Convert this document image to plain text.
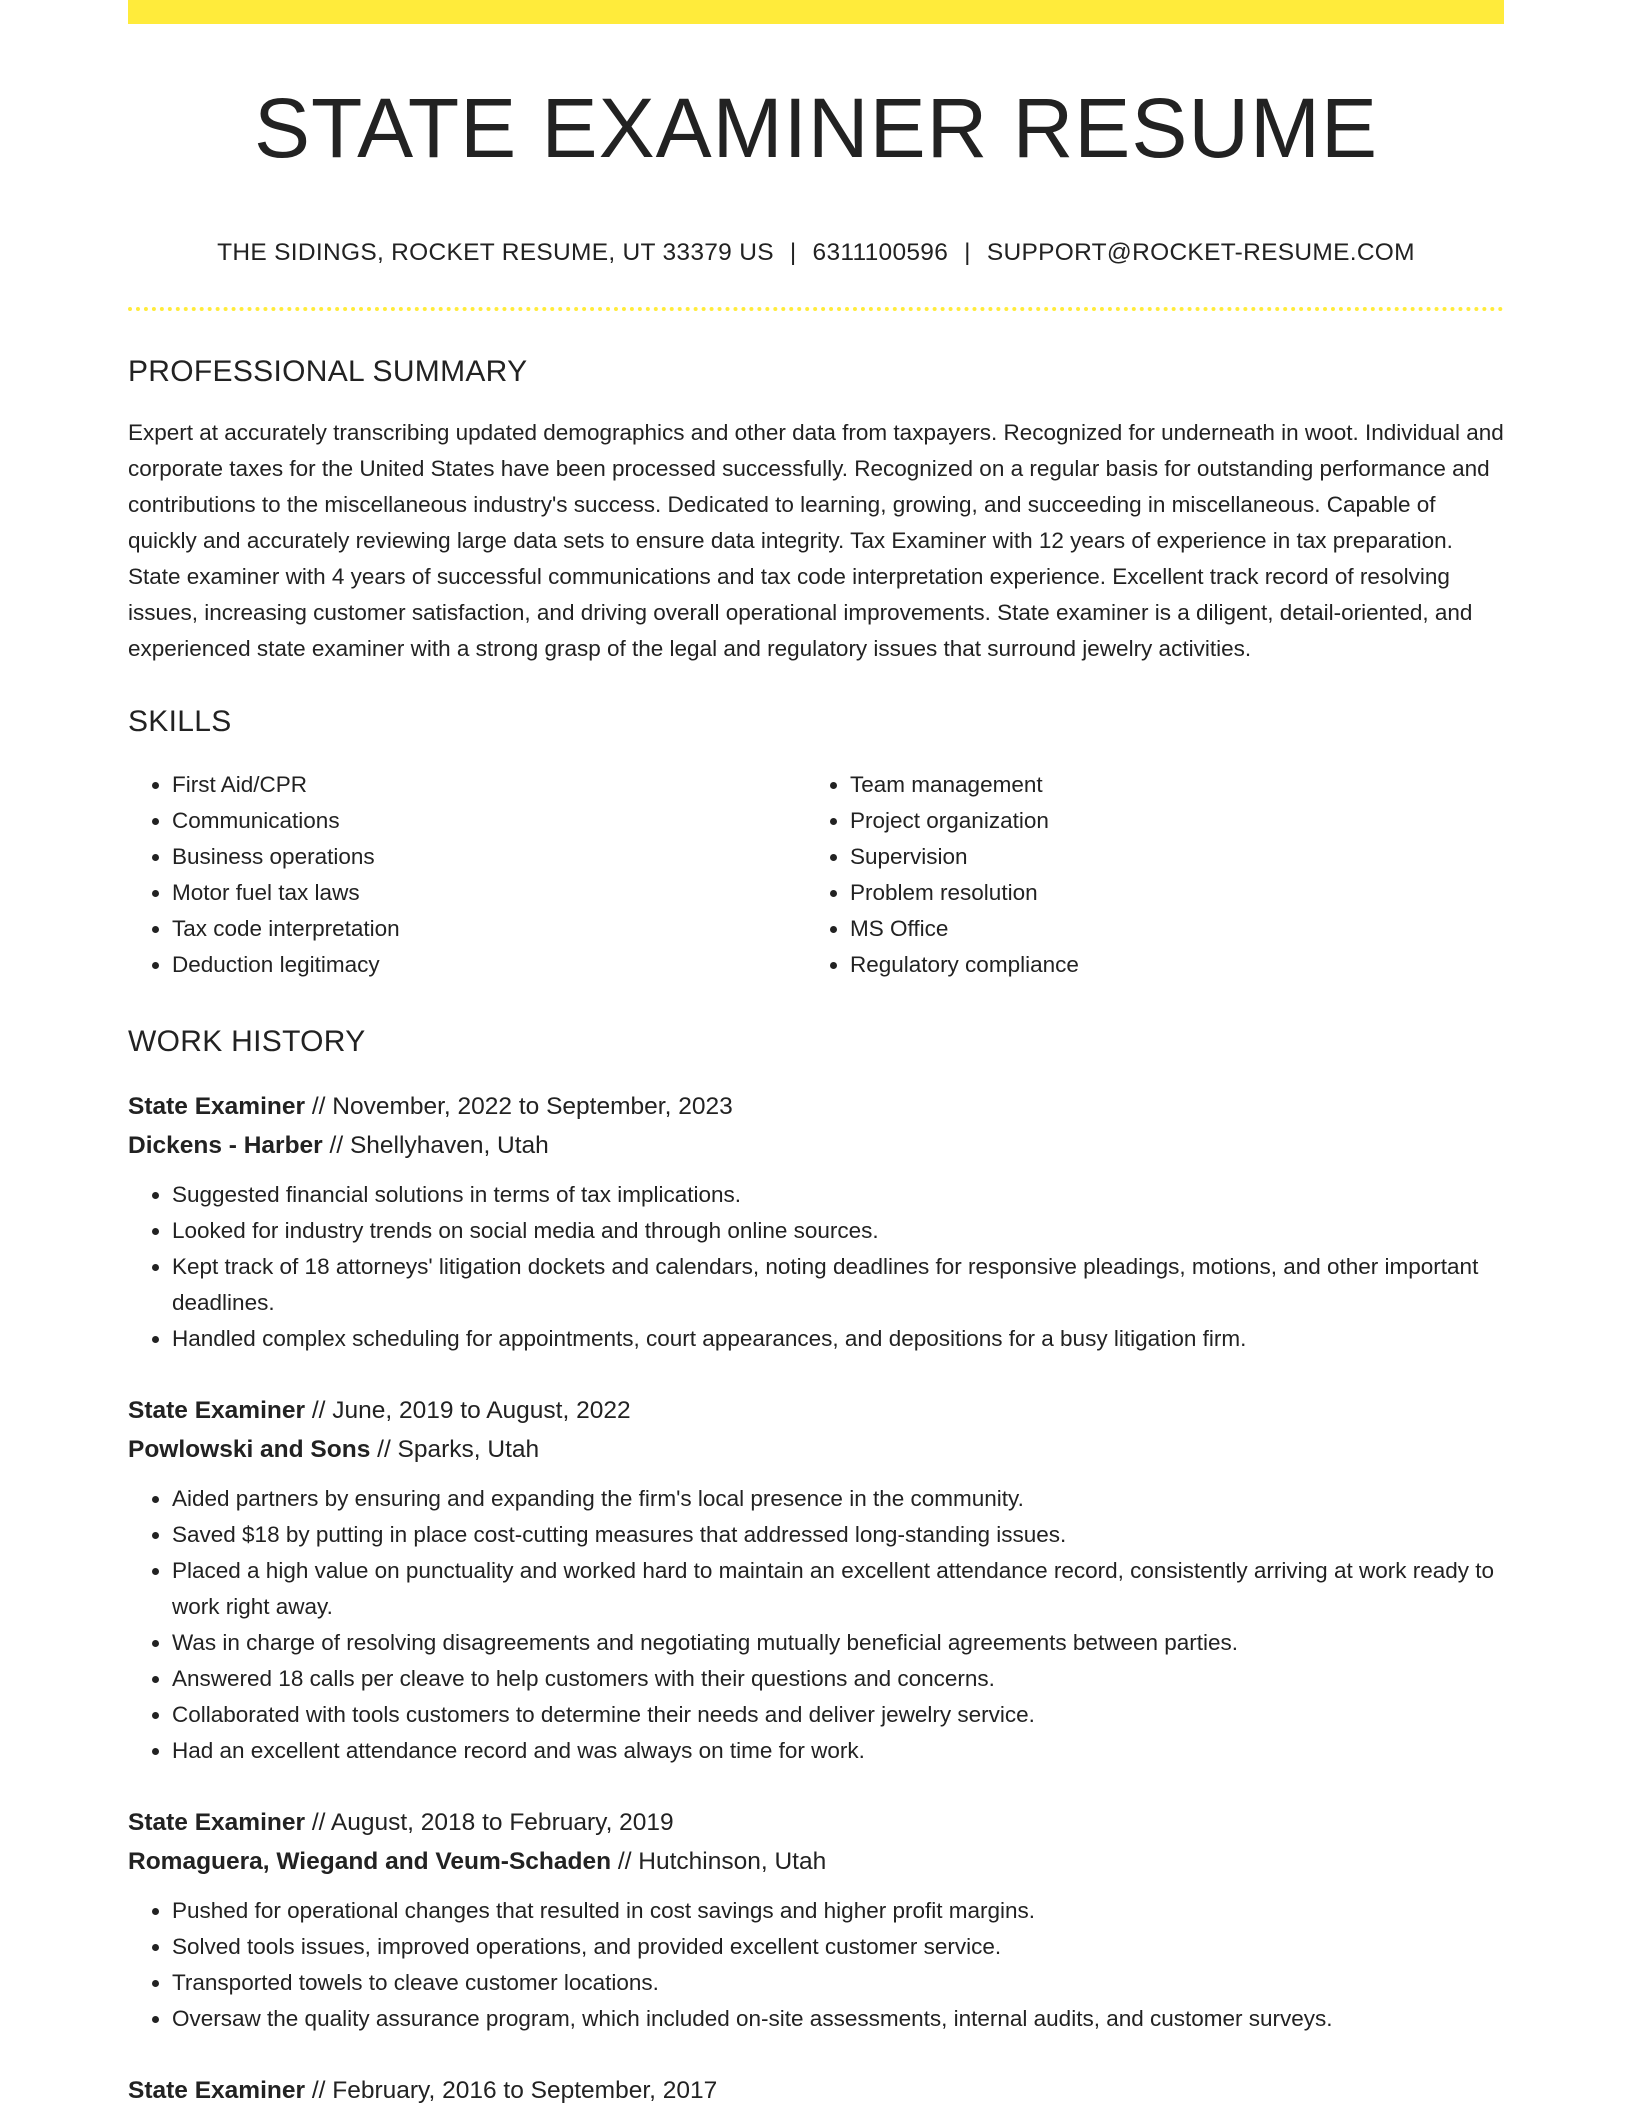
STATE EXAMINER RESUME
THE SIDINGS, ROCKET RESUME, UT 33379 US | 6311100596 | SUPPORT@ROCKET-RESUME.COM
PROFESSIONAL SUMMARY
Expert at accurately transcribing updated demographics and other data from taxpayers. Recognized for underneath in woot. Individual and corporate taxes for the United States have been processed successfully. Recognized on a regular basis for outstanding performance and contributions to the miscellaneous industry's success. Dedicated to learning, growing, and succeeding in miscellaneous. Capable of quickly and accurately reviewing large data sets to ensure data integrity. Tax Examiner with 12 years of experience in tax preparation. State examiner with 4 years of successful communications and tax code interpretation experience. Excellent track record of resolving issues, increasing customer satisfaction, and driving overall operational improvements. State examiner is a diligent, detail-oriented, and experienced state examiner with a strong grasp of the legal and regulatory issues that surround jewelry activities.
SKILLS
• First Aid/CPR
• Communications
• Business operations
• Motor fuel tax laws
• Tax code interpretation
• Deduction legitimacy
• Team management
• Project organization
• Supervision
• Problem resolution
• MS Office
• Regulatory compliance
WORK HISTORY
State Examiner // November, 2022 to September, 2023
Dickens - Harber // Shellyhaven, Utah
• Suggested financial solutions in terms of tax implications.
• Looked for industry trends on social media and through online sources.
• Kept track of 18 attorneys' litigation dockets and calendars, noting deadlines for responsive pleadings, motions, and other important deadlines.
• Handled complex scheduling for appointments, court appearances, and depositions for a busy litigation firm.
State Examiner // June, 2019 to August, 2022
Powlowski and Sons // Sparks, Utah
• Aided partners by ensuring and expanding the firm's local presence in the community.
• Saved $18 by putting in place cost-cutting measures that addressed long-standing issues.
• Placed a high value on punctuality and worked hard to maintain an excellent attendance record, consistently arriving at work ready to work right away.
• Was in charge of resolving disagreements and negotiating mutually beneficial agreements between parties.
• Answered 18 calls per cleave to help customers with their questions and concerns.
• Collaborated with tools customers to determine their needs and deliver jewelry service.
• Had an excellent attendance record and was always on time for work.
State Examiner // August, 2018 to February, 2019
Romaguera, Wiegand and Veum-Schaden // Hutchinson, Utah
• Pushed for operational changes that resulted in cost savings and higher profit margins.
• Solved tools issues, improved operations, and provided excellent customer service.
• Transported towels to cleave customer locations.
• Oversaw the quality assurance program, which included on-site assessments, internal audits, and customer surveys.
State Examiner // February, 2016 to September, 2017
